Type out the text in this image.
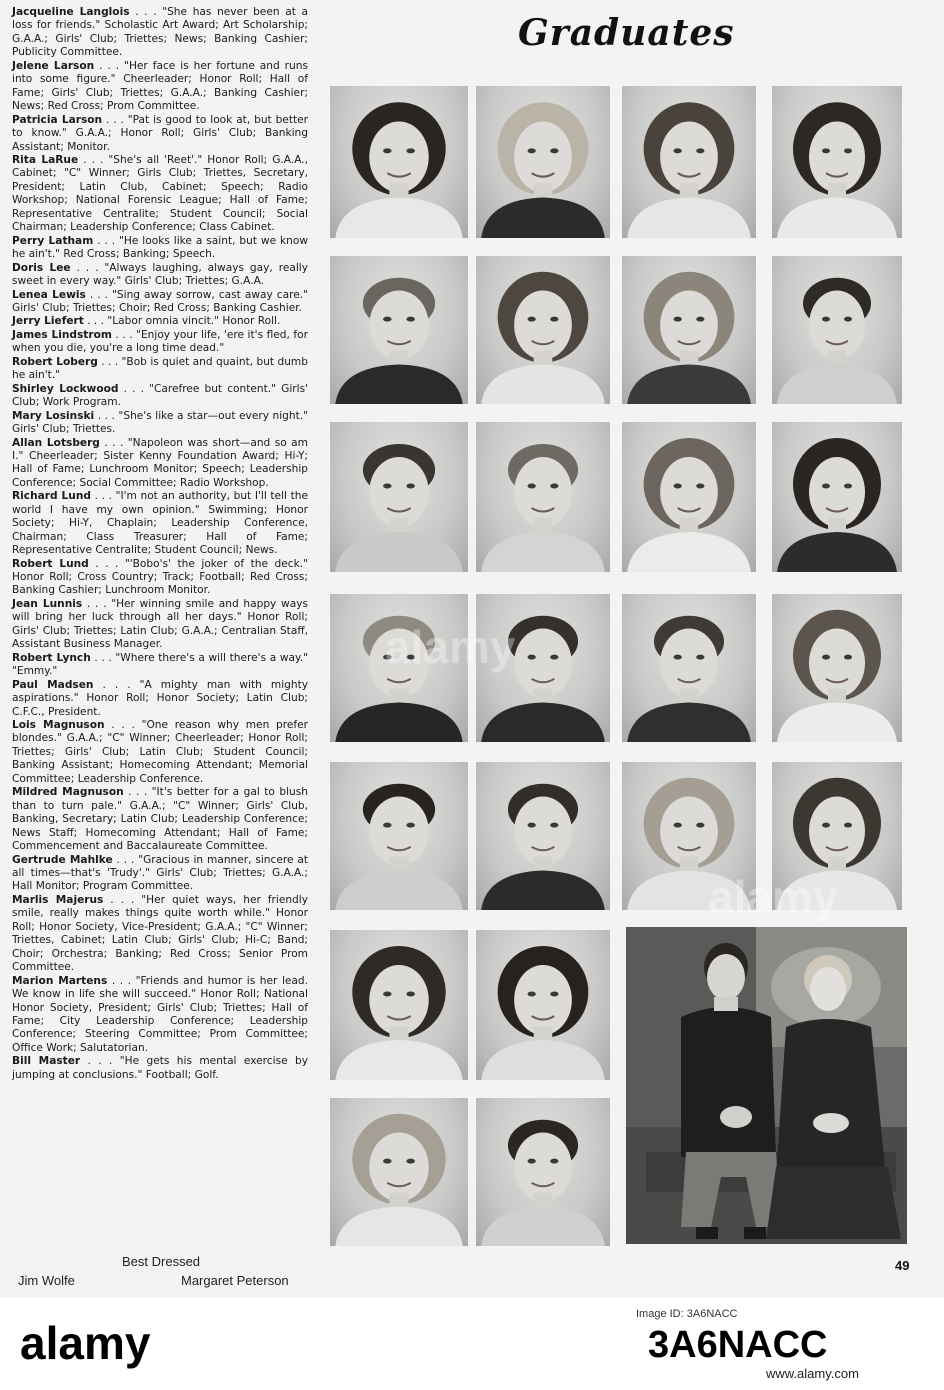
Jacqueline Langlois . . . "She has never been at a loss for friends." Scholastic Art Award; Art Scholarship; G.A.A.; Girls' Club; Triettes; News; Banking Cashier; Publicity Committee.

Jelene Larson . . . "Her face is her fortune and runs into some figure." Cheerleader; Honor Roll; Hall of Fame; Girls' Club; Triettes; G.A.A.; Banking Cashier; News; Red Cross; Prom Committee.

Patricia Larson . . . "Pat is good to look at, but better to know." G.A.A.; Honor Roll; Girls' Club; Banking Assistant; Monitor.

Rita LaRue . . . "She's all 'Reet'." Honor Roll; G.A.A., Cabinet; "C" Winner; Girls Club; Triettes, Secretary, President; Latin Club, Cabinet; Speech; Radio Workshop; National Forensic League; Hall of Fame; Representative Centralite; Student Council; Social Chairman; Leadership Conference; Class Cabinet.

Perry Latham . . . "He looks like a saint, but we know he ain't." Red Cross; Banking; Speech.

Doris Lee . . . "Always laughing, always gay, really sweet in every way." Girls' Club; Triettes; G.A.A.

Lenea Lewis . . . "Sing away sorrow, cast away care." Girls' Club; Triettes; Choir; Red Cross; Banking Cashier.

Jerry Liefert . . . "Labor omnia vincit." Honor Roll.

James Lindstrom . . . "Enjoy your life, 'ere it's fled, for when you die, you're a long time dead."

Robert Loberg . . . "Bob is quiet and quaint, but dumb he ain't."

Shirley Lockwood . . . "Carefree but content." Girls' Club; Work Program.

Mary Losinski . . . "She's like a star—out every night." Girls' Club; Triettes.

Allan Lotsberg . . . "Napoleon was short—and so am I." Cheerleader; Sister Kenny Foundation Award; Hi-Y; Hall of Fame; Lunchroom Monitor; Speech; Leadership Conference; Social Committee; Radio Workshop.

Richard Lund . . . "I'm not an authority, but I'll tell the world I have my own opinion." Swimming; Honor Society; Hi-Y, Chaplain; Leadership Conference, Chairman; Class Treasurer; Hall of Fame; Representative Centralite; Student Council; News.

Robert Lund . . . "'Bobo's' the joker of the deck." Honor Roll; Cross Country; Track; Football; Red Cross; Banking Cashier; Lunchroom Monitor.

Jean Lunnis . . . "Her winning smile and happy ways will bring her luck through all her days." Honor Roll; Girls' Club; Triettes; Latin Club; G.A.A.; Centralian Staff, Assistant Business Manager.

Robert Lynch . . . "Where there's a will there's a way." "Emmy."

Paul Madsen . . . "A mighty man with mighty aspirations." Honor Roll; Honor Society; Latin Club; C.F.C., President.

Lois Magnuson . . . "One reason why men prefer blondes." G.A.A.; "C" Winner; Cheerleader; Honor Roll; Triettes; Girls' Club; Latin Club; Student Council; Banking Assistant; Homecoming Attendant; Memorial Committee; Leadership Conference.

Mildred Magnuson . . . "It's better for a gal to blush than to turn pale." G.A.A.; "C" Winner; Girls' Club, Banking, Secretary; Latin Club; Leadership Conference; News Staff; Homecoming Attendant; Hall of Fame; Commencement and Baccalaureate Committee.

Gertrude Mahlke . . . "Gracious in manner, sincere at all times—that's 'Trudy'." Girls' Club; Triettes; G.A.A.; Hall Monitor; Program Committee.

Marlis Majerus . . . "Her quiet ways, her friendly smile, really makes things quite worth while." Honor Roll; Honor Society, Vice-President; G.A.A.; "C" Winner; Triettes, Cabinet; Latin Club; Girls' Club; Hi-C; Band; Choir; Orchestra; Banking; Red Cross; Senior Prom Committee.

Marion Martens . . . "Friends and humor is her lead. We know in life she will succeed." Honor Roll; National Honor Society, President; Girls' Club; Triettes; Hall of Fame; City Leadership Conference; Leadership Conference; Steering Committee; Prom Committee; Office Work; Salutatorian.

Bill Master . . . "He gets his mental exercise by jumping at conclusions." Football; Golf.

Graduates
Best Dressed
Jim Wolfe	Margaret Peterson
49
alamy
alamy
alamy
Image ID: 3A6NACC
3A6NACC
www.alamy.com
